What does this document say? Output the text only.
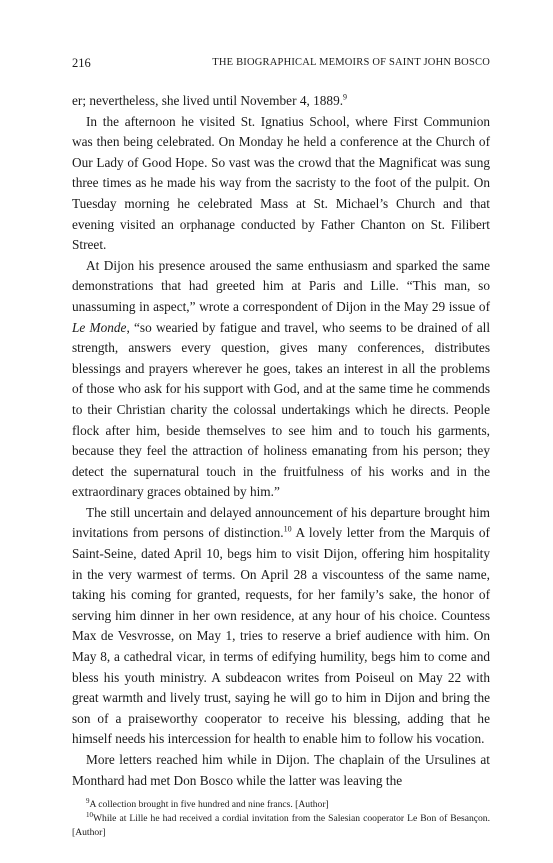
216	THE BIOGRAPHICAL MEMOIRS OF SAINT JOHN BOSCO

er; nevertheless, she lived until November 4, 1889.$^9$

In the afternoon he visited St. Ignatius School, where First Communion was then being celebrated. On Monday he held a conference at the Church of Our Lady of Good Hope. So vast was the crowd that the Magnificat was sung three times as he made his way from the sacristy to the foot of the pulpit. On Tuesday morning he celebrated Mass at St. Michael’s Church and that evening visited an orphanage conducted by Father Chanton on St. Filibert Street.

At Dijon his presence aroused the same enthusiasm and sparked the same demonstrations that had greeted him at Paris and Lille. “This man, so unassuming in aspect,” wrote a correspondent of Dijon in the May 29 issue of Le Monde, “so wearied by fatigue and travel, who seems to be drained of all strength, answers every question, gives many conferences, distributes blessings and prayers wherever he goes, takes an interest in all the problems of those who ask for his support with God, and at the same time he commends to their Christian charity the colossal undertakings which he directs. People flock after him, beside themselves to see him and to touch his garments, because they feel the attraction of holiness emanating from his person; they detect the supernatural touch in the fruitfulness of his works and in the extraordinary graces obtained by him.”

The still uncertain and delayed announcement of his departure brought him invitations from persons of distinction.$^{10}$ A lovely letter from the Marquis of Saint-Seine, dated April 10, begs him to visit Dijon, offering him hospitality in the very warmest of terms. On April 28 a viscountess of the same name, taking his coming for granted, requests, for her family’s sake, the honor of serving him dinner in her own residence, at any hour of his choice. Countess Max de Vesvrosse, on May 1, tries to reserve a brief audience with him. On May 8, a cathedral vicar, in terms of edifying humility, begs him to come and bless his youth ministry. A subdeacon writes from Poiseul on May 22 with great warmth and lively trust, saying he will go to him in Dijon and bring the son of a praiseworthy cooperator to receive his blessing, adding that he himself needs his intercession for health to enable him to follow his vocation.

More letters reached him while in Dijon. The chaplain of the Ursulines at Monthard had met Don Bosco while the latter was leaving the

$^9$A collection brought in five hundred and nine francs. [Author]

$^{10}$While at Lille he had received a cordial invitation from the Salesian cooperator Le Bon of Besançon. [Author]
